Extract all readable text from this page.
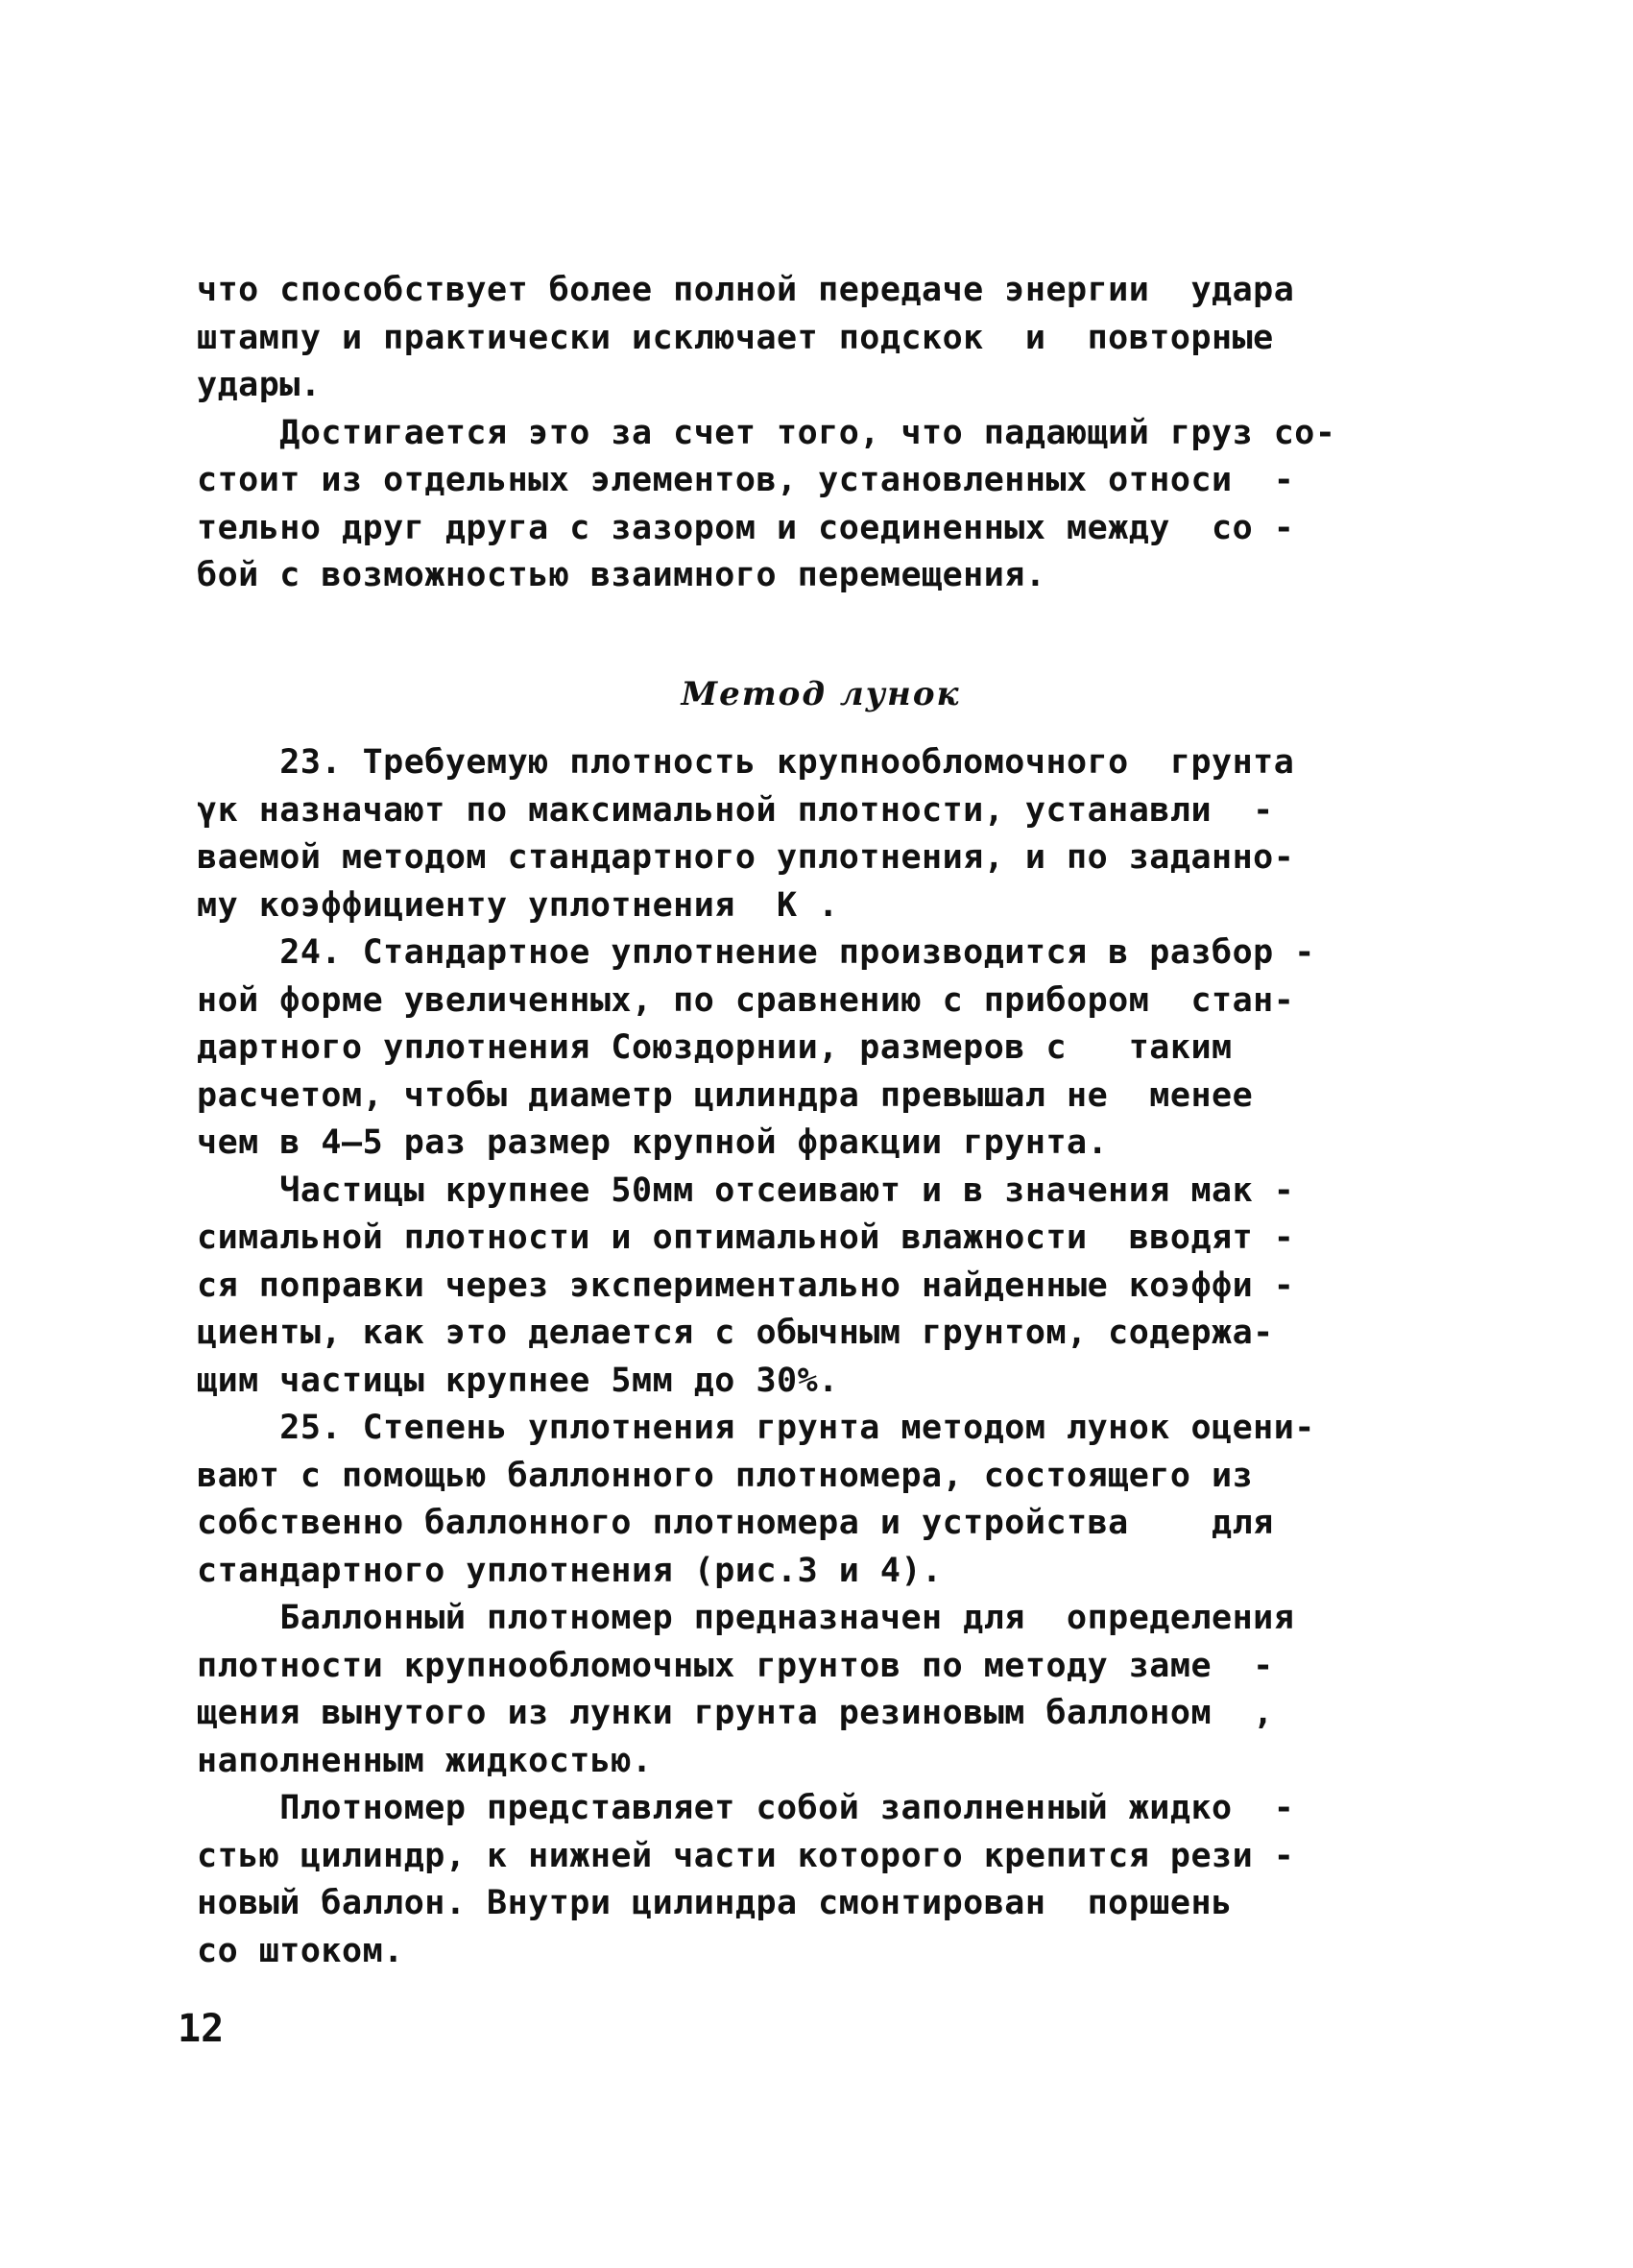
что способствует более полной передаче энергии  удара
штампу и практически исключает подскок  и  повторные
удары.
Достигается это за счет того, что падающий груз со-
стоит из отдельных элементов, установленных относи  -
тельно друг друга с зазором и соединенных между  со -
бой с возможностью взаимного перемещения.
Метод лунок
23. Требуемую плотность крупнообломочного  грунта
γк назначают по максимальной плотности, устанавли  -
ваемой методом стандартного уплотнения, и по заданно-
му коэффициенту уплотнения  К .
24. Стандартное уплотнение производится в разбор -
ной форме увеличенных, по сравнению с прибором  стан-
дартного уплотнения Союздорнии, размеров с   таким
расчетом, чтобы диаметр цилиндра превышал не  менее
чем в 4–5 раз размер крупной фракции грунта.
Частицы крупнее 50мм отсеивают и в значения мак -
симальной плотности и оптимальной влажности  вводят -
ся поправки через экспериментально найденные коэффи -
циенты, как это делается с обычным грунтом, содержа-
щим частицы крупнее 5мм до 30%.
25. Степень уплотнения грунта методом лунок оцени-
вают с помощью баллонного плотномера, состоящего из
собственно баллонного плотномера и устройства    для
стандартного уплотнения (рис.3 и 4).
Баллонный плотномер предназначен для  определения
плотности крупнообломочных грунтов по методу заме  -
щения вынутого из лунки грунта резиновым баллоном  ,
наполненным жидкостью.
Плотномер представляет собой заполненный жидко  -
стью цилиндр, к нижней части которого крепится рези -
новый баллон. Внутри цилиндра смонтирован  поршень
со штоком.
12
